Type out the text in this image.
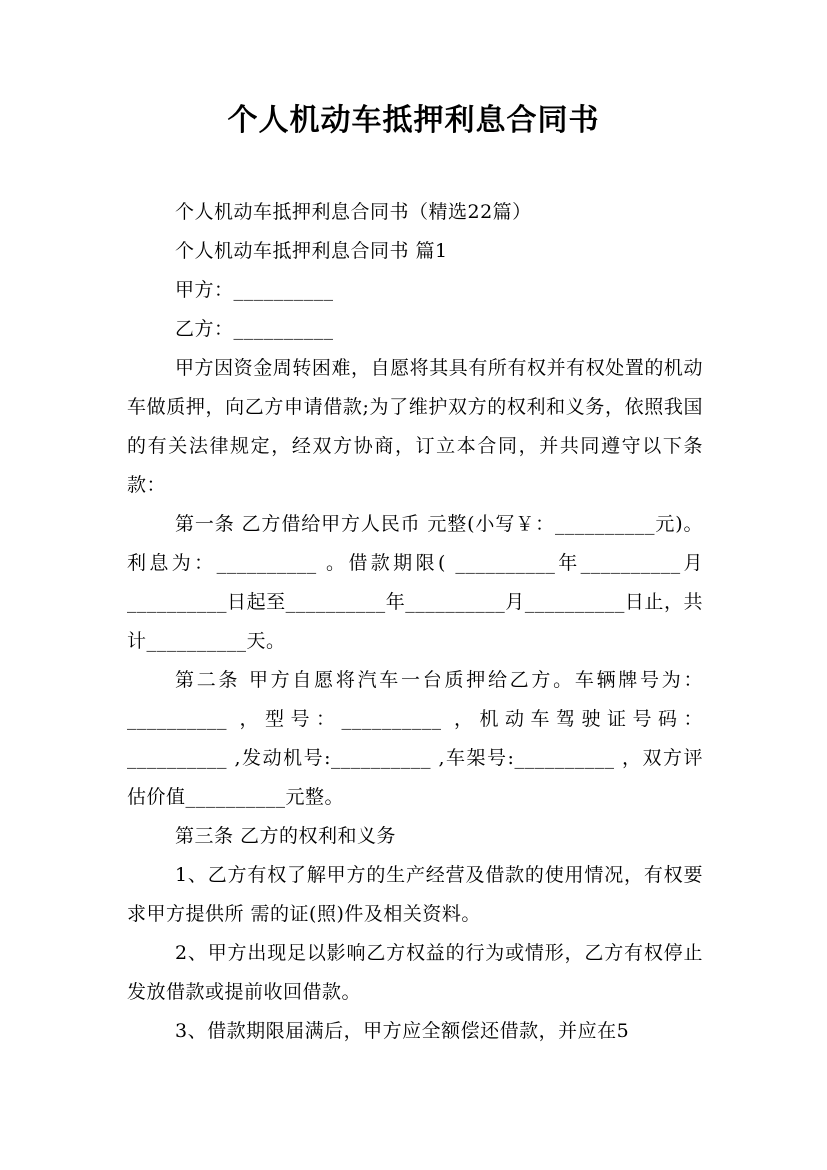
个人机动车抵押利息合同书

个人机动车抵押利息合同书（精选22篇）

个人机动车抵押利息合同书 篇1

甲方：__________

乙方：__________

甲方因资金周转困难，自愿将其具有所有权并有权处置的机动车做质押，向乙方申请借款;为了维护双方的权利和义务，依照我国的有关法律规定，经双方协商，订立本合同，并共同遵守以下条款：

第一条 乙方借给甲方人民币 元整(小写￥：__________元)。利息为：__________ 。借款期限( __________年__________月__________日起至__________年__________月__________日止，共计__________天。

第二条 甲方自愿将汽车一台质押给乙方。车辆牌号为：__________ ，型号：__________ ，机动车驾驶证号码：__________ ,发动机号:__________ ,车架号:__________ ，双方评估价值__________元整。

第三条 乙方的权利和义务

1、乙方有权了解甲方的生产经营及借款的使用情况，有权要求甲方提供所 需的证(照)件及相关资料。

2、甲方出现足以影响乙方权益的行为或情形，乙方有权停止发放借款或提前收回借款。

3、借款期限届满后，甲方应全额偿还借款，并应在5
